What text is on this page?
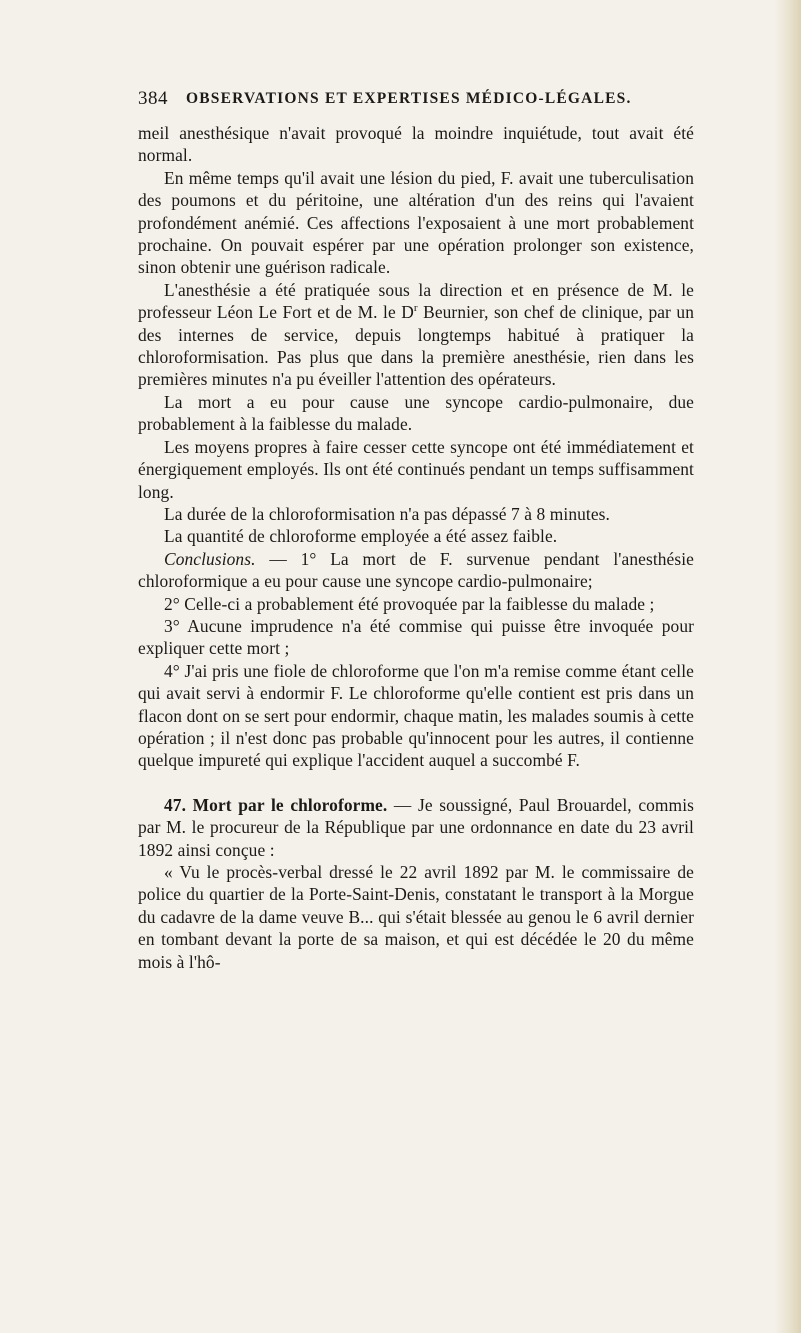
384 OBSERVATIONS ET EXPERTISES MÉDICO-LÉGALES.

meil anesthésique n'avait provoqué la moindre inquiétude, tout avait été normal.

En même temps qu'il avait une lésion du pied, F. avait une tuberculisation des poumons et du péritoine, une altération d'un des reins qui l'avaient profondément anémié. Ces affections l'exposaient à une mort probablement prochaine. On pouvait espérer par une opération prolonger son existence, sinon obtenir une guérison radicale.

L'anesthésie a été pratiquée sous la direction et en présence de M. le professeur Léon Le Fort et de M. le $D^r$ Beurnier, son chef de clinique, par un des internes de service, depuis longtemps habitué à pratiquer la chloroformisation. Pas plus que dans la première anesthésie, rien dans les premières minutes n'a pu éveiller l'attention des opérateurs.

La mort a eu pour cause une syncope cardio-pulmonaire, due probablement à la faiblesse du malade.

Les moyens propres à faire cesser cette syncope ont été immédiatement et énergiquement employés. Ils ont été continués pendant un temps suffisamment long.

La durée de la chloroformisation n'a pas dépassé 7 à 8 minutes.

La quantité de chloroforme employée a été assez faible.

Conclusions. — 1° La mort de F. survenue pendant l'anesthésie chloroformique a eu pour cause une syncope cardio-pulmonaire;

2° Celle-ci a probablement été provoquée par la faiblesse du malade ;

3° Aucune imprudence n'a été commise qui puisse être invoquée pour expliquer cette mort ;

4° J'ai pris une fiole de chloroforme que l'on m'a remise comme étant celle qui avait servi à endormir F. Le chloroforme qu'elle contient est pris dans un flacon dont on se sert pour endormir, chaque matin, les malades soumis à cette opération ; il n'est donc pas probable qu'innocent pour les autres, il contienne quelque impureté qui explique l'accident auquel a succombé F.

47. Mort par le chloroforme. — Je soussigné, Paul Brouardel, commis par M. le procureur de la République par une ordonnance en date du 23 avril 1892 ainsi conçue :

« Vu le procès-verbal dressé le 22 avril 1892 par M. le commissaire de police du quartier de la Porte-Saint-Denis, constatant le transport à la Morgue du cadavre de la dame veuve B... qui s'était blessée au genou le 6 avril dernier en tombant devant la porte de sa maison, et qui est décédée le 20 du même mois à l'hô-
